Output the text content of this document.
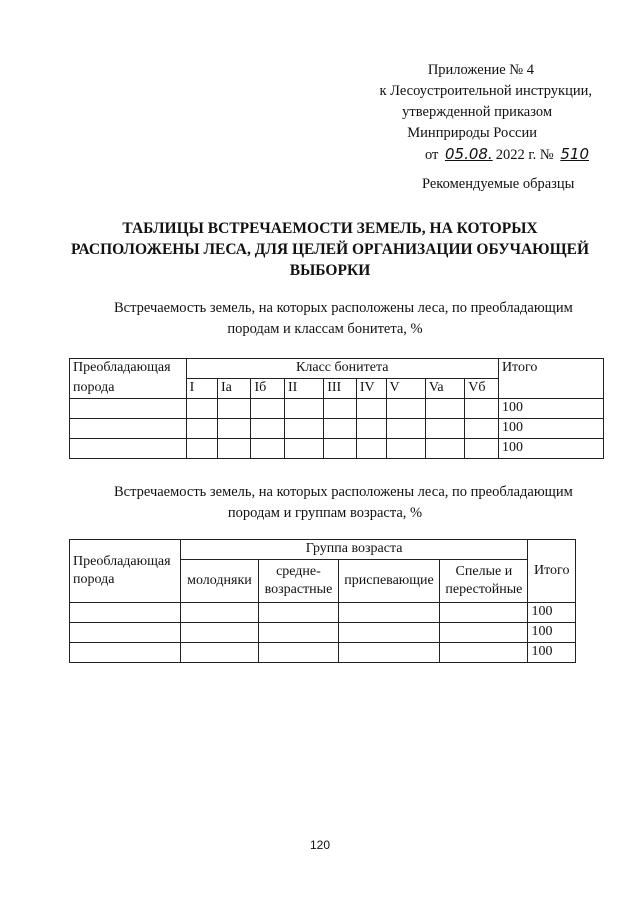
Приложение № 4
к Лесоустроительной инструкции,
утвержденной приказом
Минприроды России
от 05.08. 2022 г. № 510
Рекомендуемые образцы
ТАБЛИЦЫ ВСТРЕЧАЕМОСТИ ЗЕМЕЛЬ, НА КОТОРЫХ РАСПОЛОЖЕНЫ ЛЕСА, ДЛЯ ЦЕЛЕЙ ОРГАНИЗАЦИИ ОБУЧАЮЩЕЙ ВЫБОРКИ
Встречаемость земель, на которых расположены леса, по преобладающим
породам и классам бонитета, %
Преобладающая	Класс бонитета									Итого
порода	I	Ia	Iб	II	III	IV	V	Va	Vб	
										100
										100
										100
Встречаемость земель, на которых расположены леса, по преобладающим
породам и группам возраста, %
Преобладающая
порода	Группа возраста				Итого
	молодняки	средне-возрастные	приспевающие	Спелые и перестойные	
					100
					100
					100
120
